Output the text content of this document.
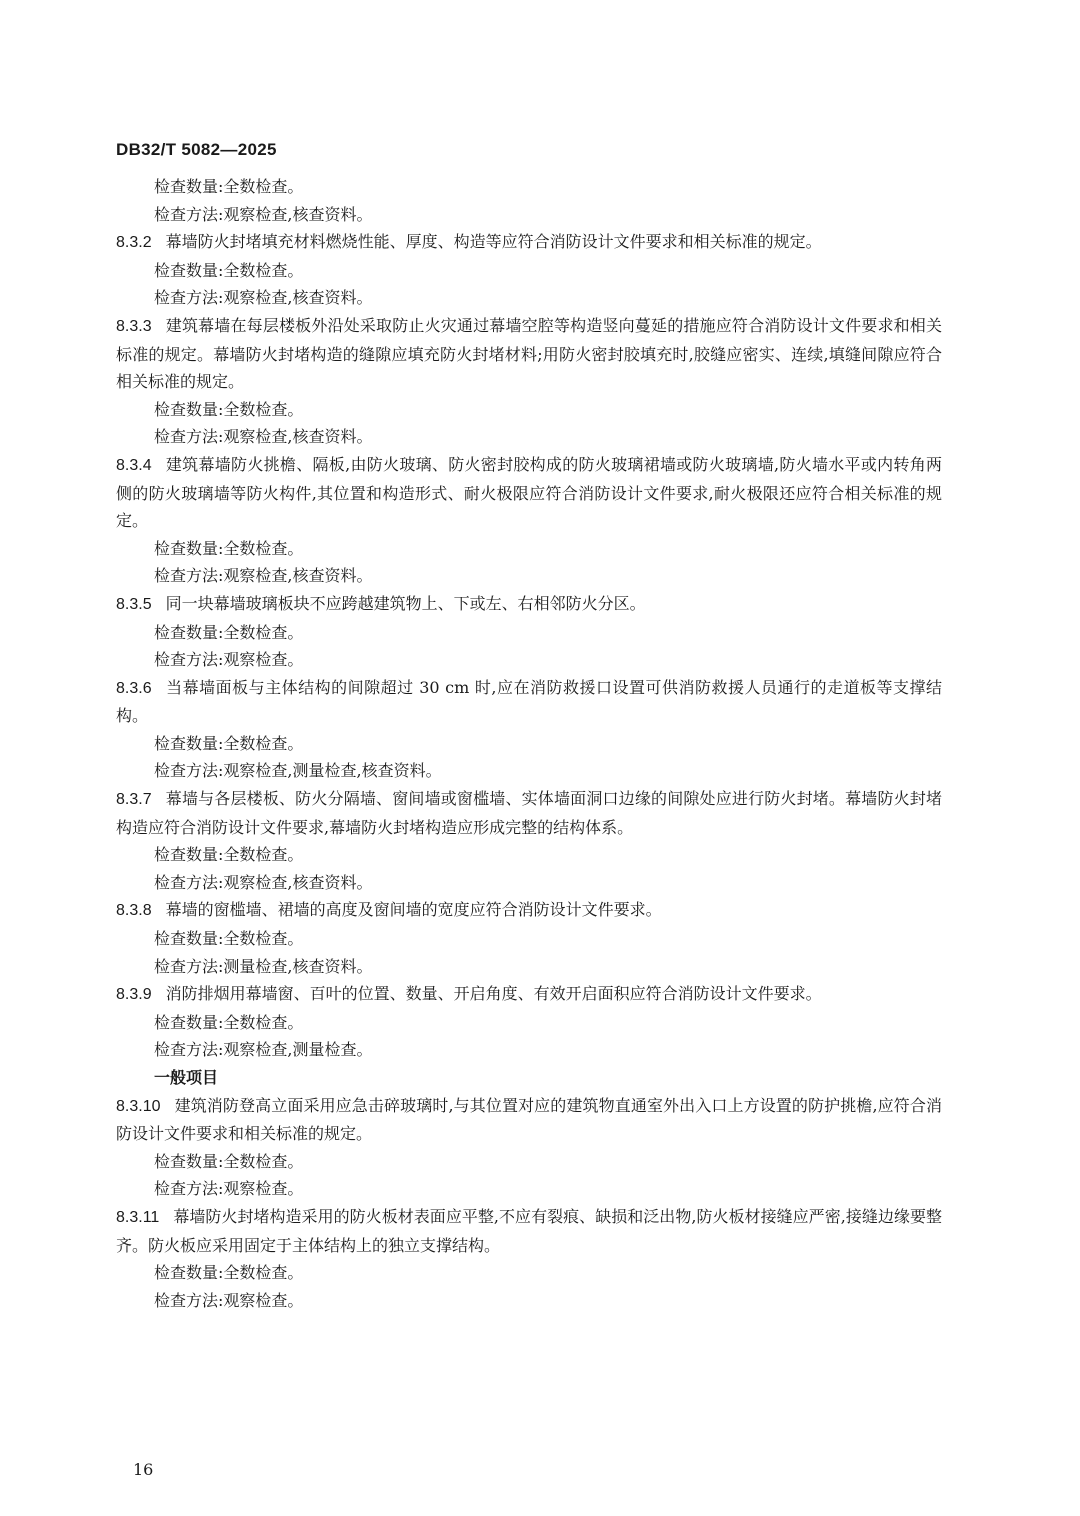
DB32/T 5082—2025

检查数量:全数检查。

检查方法:观察检查,核查资料。

8.3.2 幕墙防火封堵填充材料燃烧性能、厚度、构造等应符合消防设计文件要求和相关标准的规定。

检查数量:全数检查。

检查方法:观察检查,核查资料。

8.3.3 建筑幕墙在每层楼板外沿处采取防止火灾通过幕墙空腔等构造竖向蔓延的措施应符合消防设计文件要求和相关标准的规定。幕墙防火封堵构造的缝隙应填充防火封堵材料;用防火密封胶填充时,胶缝应密实、连续,填缝间隙应符合相关标准的规定。

检查数量:全数检查。

检查方法:观察检查,核查资料。

8.3.4 建筑幕墙防火挑檐、隔板,由防火玻璃、防火密封胶构成的防火玻璃裙墙或防火玻璃墙,防火墙水平或内转角两侧的防火玻璃墙等防火构件,其位置和构造形式、耐火极限应符合消防设计文件要求,耐火极限还应符合相关标准的规定。

检查数量:全数检查。

检查方法:观察检查,核查资料。

8.3.5 同一块幕墙玻璃板块不应跨越建筑物上、下或左、右相邻防火分区。

检查数量:全数检查。

检查方法:观察检查。

8.3.6 当幕墙面板与主体结构的间隙超过 30 cm 时,应在消防救援口设置可供消防救援人员通行的走道板等支撑结构。

检查数量:全数检查。

检查方法:观察检查,测量检查,核查资料。

8.3.7 幕墙与各层楼板、防火分隔墙、窗间墙或窗槛墙、实体墙面洞口边缘的间隙处应进行防火封堵。幕墙防火封堵构造应符合消防设计文件要求,幕墙防火封堵构造应形成完整的结构体系。

检查数量:全数检查。

检查方法:观察检查,核查资料。

8.3.8 幕墙的窗槛墙、裙墙的高度及窗间墙的宽度应符合消防设计文件要求。

检查数量:全数检查。

检查方法:测量检查,核查资料。

8.3.9 消防排烟用幕墙窗、百叶的位置、数量、开启角度、有效开启面积应符合消防设计文件要求。

检查数量:全数检查。

检查方法:观察检查,测量检查。

一般项目

8.3.10 建筑消防登高立面采用应急击碎玻璃时,与其位置对应的建筑物直通室外出入口上方设置的防护挑檐,应符合消防设计文件要求和相关标准的规定。

检查数量:全数检查。

检查方法:观察检查。

8.3.11 幕墙防火封堵构造采用的防火板材表面应平整,不应有裂痕、缺损和泛出物,防火板材接缝应严密,接缝边缘要整齐。防火板应采用固定于主体结构上的独立支撑结构。

检查数量:全数检查。

检查方法:观察检查。

16
